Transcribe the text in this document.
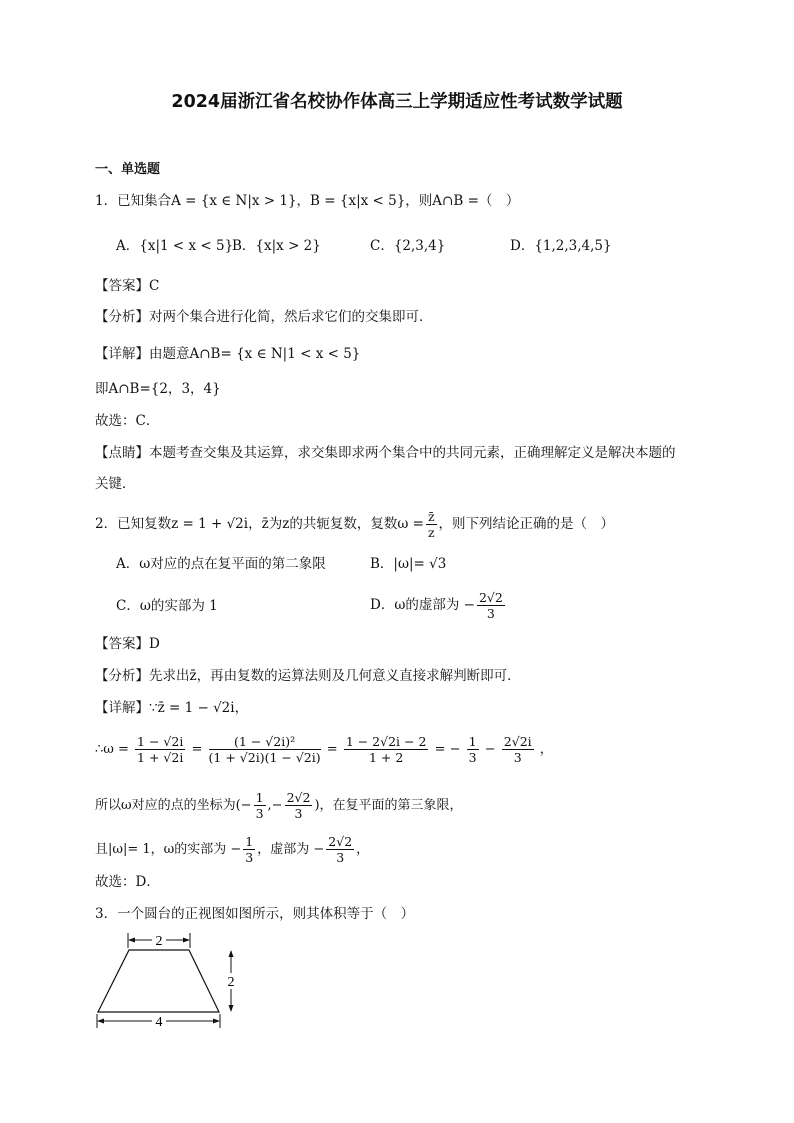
2024届浙江省名校协作体高三上学期适应性考试数学试题
一、单选题
1．已知集合A = {x ∈ N|x > 1}，B = {x|x < 5}，则A∩B =（　）
A．{x|1 < x < 5}
B．{x|x > 2}	C．{2,3,4}	D．{1,2,3,4,5}
【答案】C
【分析】对两个集合进行化简，然后求它们的交集即可．
【详解】由题意A∩B= {x ∈ N|1 < x < 5}
即A∩B={2，3，4}
故选：C．
【点睛】本题考查交集及其运算，求交集即求两个集合中的共同元素，正确理解定义是解决本题的
关键．
2．已知复数z = 1 + √2i，z̄为z的共轭复数，复数$\omega = \frac{z̄}{z}$ ，则下列结论正确的是（　）
A．ω对应的点在复平面的第二象限	B．|ω|= √3
C．ω的实部为 1	D．ω的虚部为 − $\frac{2√2}{3}$
【答案】D
【分析】先求出z̄，再由复数的运算法则及几何意义直接求解判断即可．
【详解】∵z̄ = 1 − √2i，
∴ω = $\frac{1 - √2i}{1 + √2i} = \frac{\text{(1 − √2i)²}}{(1 + √2i)(1 - √2i)} = \frac{1 - 2√2i - 2}{1 + 2}$ = − $\frac{1}{3} - \frac{2√2i}{3}$ ，
所以ω对应的点的坐标为(− $\frac{1}{3}$ ,− $\frac{2√2}{3}$ )，在复平面的第三象限，
且|ω|= 1，ω的实部为 − $\frac{1}{3}$ ，虚部为 − $\frac{2√2}{3}$ ，
故选：D．
3．一个圆台的正视图如图所示，则其体积等于（　）
2
2
4
